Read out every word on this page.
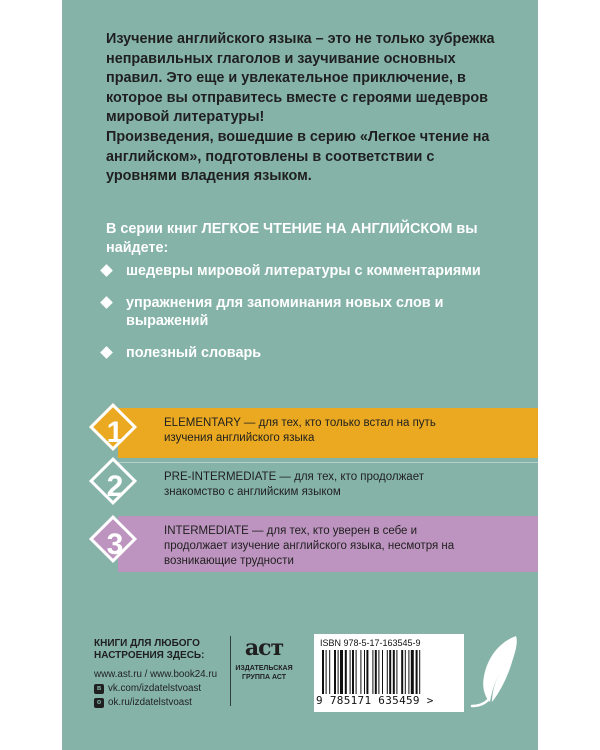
Изучение английского языка – это не только зубрежка неправильных глаголов и заучивание основных правил. Это еще и увлекательное приключение, в которое вы отправитесь вместе с героями шедевров мировой литературы!

Произведения, вошедшие в серию «Легкое чтение на английском», подготовлены в соответствии с уровнями владения языком.

В серии книг ЛЕГКОЕ ЧТЕНИЕ НА АНГЛИЙСКОМ вы найдете:
шедевры мировой литературы с комментариями
упражнения для запоминания новых слов и выражений
полезный словарь
1	ELEMENTARY — для тех, кто только встал на путь изучения английского языка
2	PRE-INTERMEDIATE — для тех, кто продолжает знакомство с английским языком
3	INTERMEDIATE — для тех, кто уверен в себе и продолжает изучение английского языка, несмотря на возникающие трудности
КНИГИ ДЛЯ ЛЮБОГО НАСТРОЕНИЯ ЗДЕСЬ:
www.ast.ru / www.book24.ru
в vk.com/izdatelstvoast
о ok.ru/izdatelstvoast
аст
ИЗДАТЕЛЬСКАЯ ГРУППА АСТ
ISBN 978-5-17-163545-9
9 785171 635459 >
